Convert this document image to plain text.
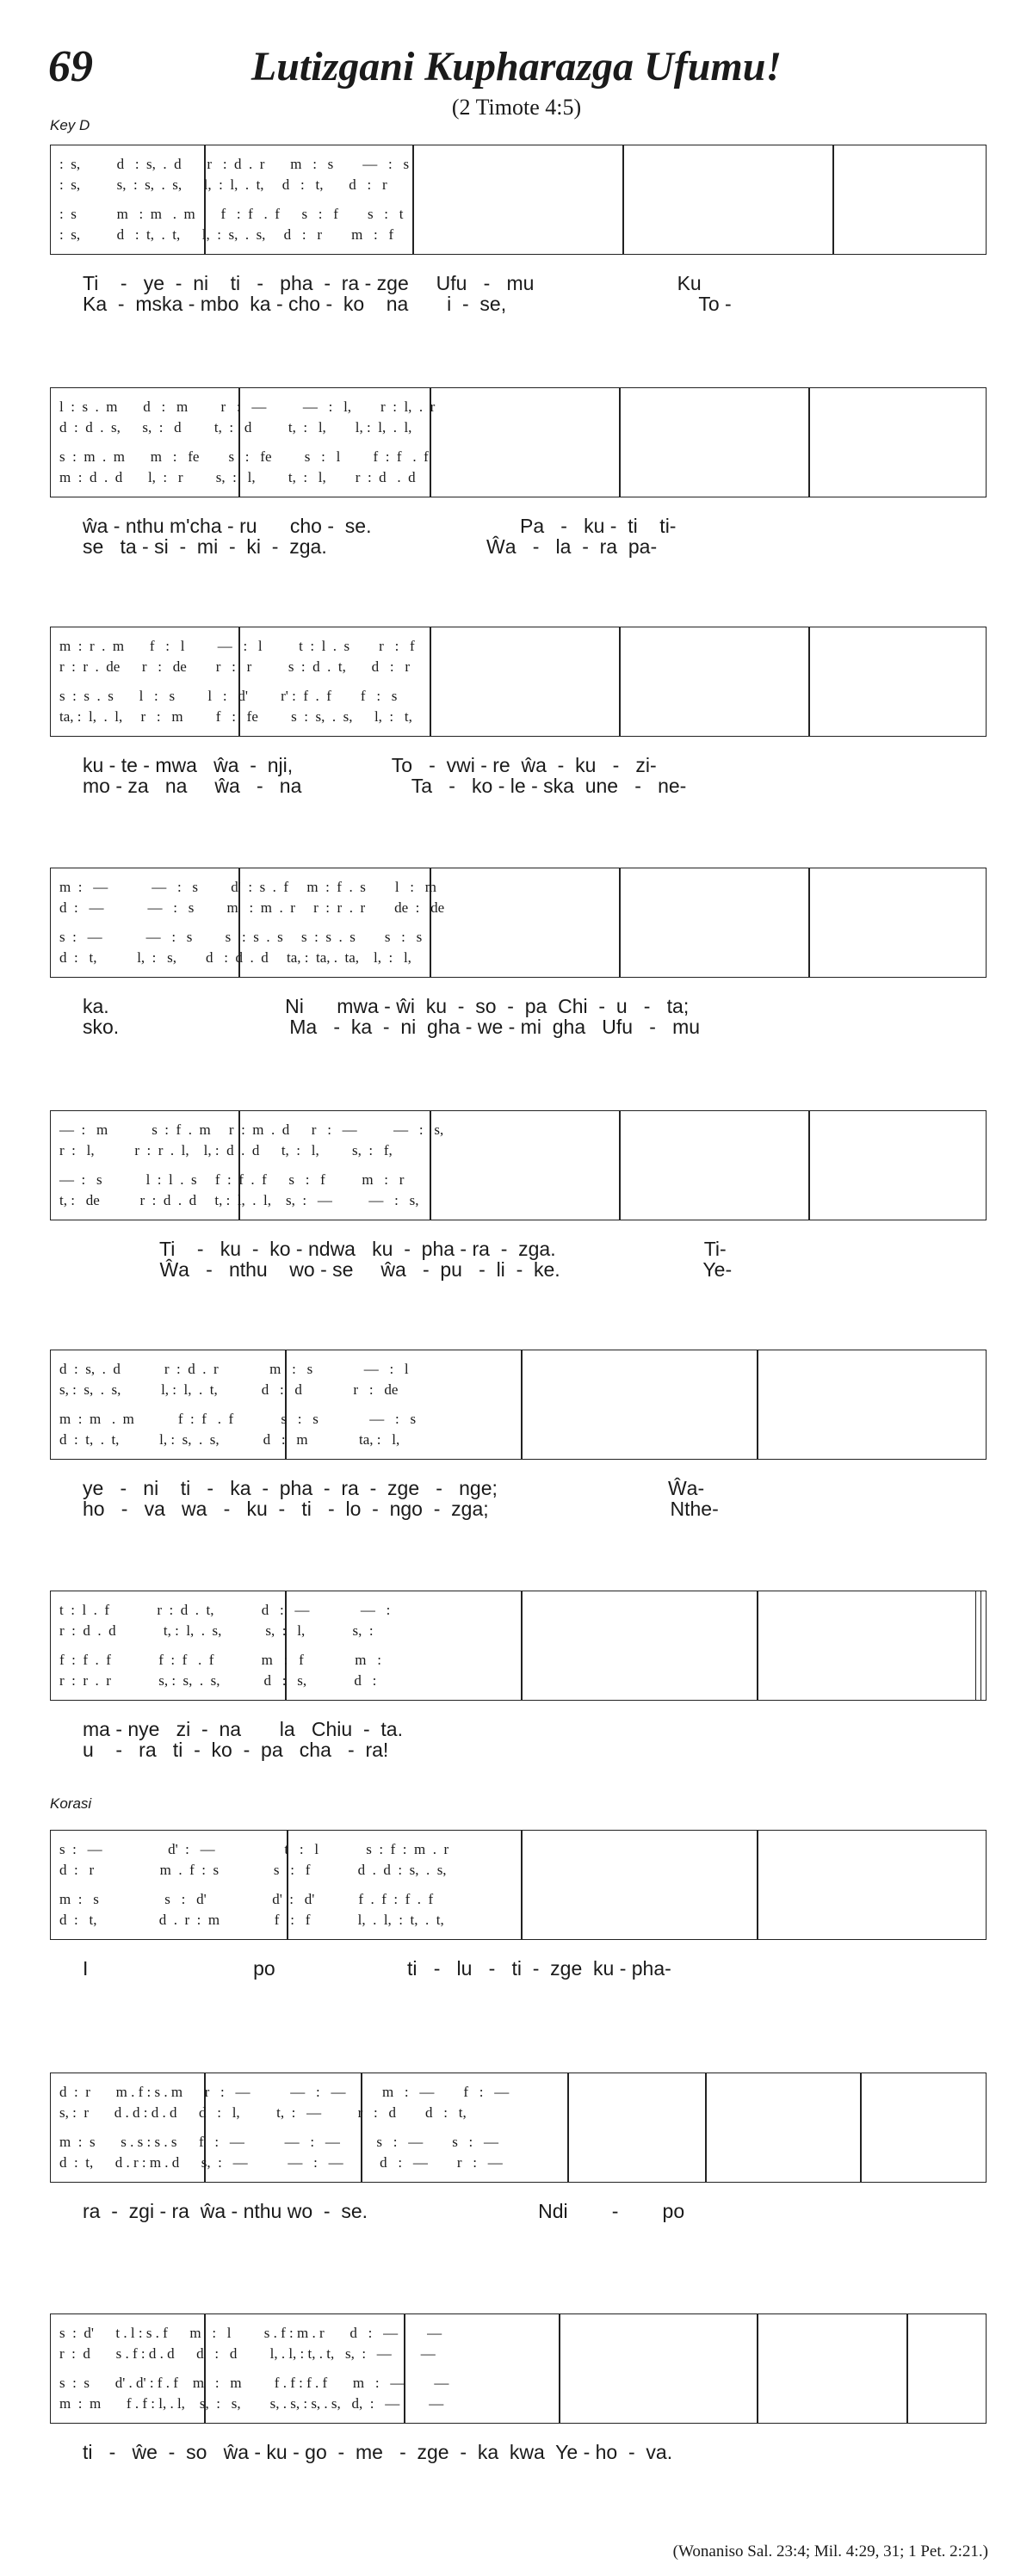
69	Lutizgani Kupharazga Ufumu!
(2 Timote 4:5)
Key D
:  s,          d   :  s,  .  d       r   :  d  .  r       m   :   s        —   :   s
:  s,          s,  :  s,  .  s,      l,  :  l,  .  t,     d   :   t,       d   :   r
:  s           m   :  m   .  m       f   :  f   .  f      s   :   f        s   :   t
:  s,          d   :  t,  .  t,      l,  :  s,  .  s,     d   :   r        m   :   f
Ti    -   ye  -  ni    ti   -   pha  -  ra - zge     Ufu   -   mu                          Ku
Ka  -  mska - mbo  ka - cho -  ko    na       i  -  se,                                   To -
l  :  s  .  m       d   :   m         r   :   —          —   :   l,        r  :  l,  .  r
d  :  d  .  s,      s,  :   d         t,  :   d          t,  :   l,        l, :  l,  .  l,
s  :  m  .  m       m   :   fe        s   :   fe         s   :   l         f  :  f   .  f
m  :  d  .  d       l,  :   r         s,  :   l,         t,  :   l,        r  :  d   .  d
ŵa - nthu m'cha - ru      cho -  se.                           Pa   -   ku -  ti    ti-
se   ta - si  -  mi  -  ki  -  zga.                             Ŵa   -   la  -  ra  pa-
m  :  r  .  m       f   :   l         —   :   l          t  :  l  .  s        r   :   f
r  :  r  .  de      r   :   de        r   :   r          s  :  d  .  t,       d   :   r
s  :  s  .  s       l   :   s         l   :   d'         r' :  f  .  f        f   :   s
ta, :  l,  .  l,     r   :   m         f   :   fe         s  :  s,  .  s,      l,  :   t,
ku - te - mwa   ŵa  -  nji,                  To   -  vwi - re  ŵa  -  ku   -   zi-
mo - za   na     ŵa   -   na                    Ta   -   ko - le - ska  une   -   ne-
m  :   —            —   :   s         d'  :  s  .  f     m  :  f  .  s        l   :   m
d  :   —            —   :   s         m   :  m  .  r     r  :  r  .  r        de  :   de
s  :   —            —   :   s         s   :  s  .  s     s  :  s  .  s        s   :   s
d  :   t,           l,  :   s,        d   :  d  .  d     ta, :  ta, .  ta,    l,  :   l,
ka.                                Ni      mwa - ŵi  ku  -  so  -  pa  Chi  -  u   -   ta;
sko.                               Ma   -  ka  -  ni  gha - we - mi  gha   Ufu   -   mu
—  :   m            s  :  f  .  m     r  :  m  .  d      r   :   —          —   :   s,
r  :   l,           r  :  r  .  l,    l, :  d  .  d      t,  :   l,         s,  :   f,
—  :   s            l  :  l  .  s     f  :  f  .  f      s   :   f          m   :   r
t, :   de           r  :  d  .  d     t, :  l,  .  l,    s,  :   —          —   :   s,
Ti    -   ku  -  ko - ndwa   ku  -  pha - ra  -  zga.                           Ti-
Ŵa   -   nthu    wo - se     ŵa   -  pu   -  li  -  ke.                          Ye-
d  :  s,  .  d            r  :  d  .  r              m   :   s              —   :   l
s, :  s,  .  s,           l, :  l,  .  t,            d   :   d              r   :   de
m  :  m   .  m            f  :  f   .  f             s   :   s              —   :   s
d  :  t,  .  t,           l, :  s,  .  s,            d   :   m              ta, :   l,
ye   -   ni    ti   -   ka  -  pha  -  ra  -  zge   -   nge;                               Ŵa-
ho   -   va   wa   -   ku  -   ti   -  lo  -  ngo  -  zga;                                 Nthe-
t  :  l  .  f             r  :  d  .  t,             d   :   —              —   :
r  :  d  .  d             t, :  l,  .  s,            s,  :   l,             s,  :
f  :  f  .  f             f  :  f   .  f             m   :   f              m   :
r  :  r  .  r             s, :  s,  .  s,            d   :   s,             d   :
ma - nye   zi  -  na       la   Chiu  -  ta.
u    -   ra   ti  -  ko  -  pa   cha   -  ra!
s  :   —                  d'  :   —                   t   :   l             s  :  f  :  m  .  r
d  :   r                  m  .  f  :  s               s   :   f             d  .  d  :  s,  .  s,
m  :   s                  s   :   d'                  d'  :   d'            f  .  f  :  f  .  f
d  :   t,                 d  .  r  :  m               f   :   f             l,  .  l,  :  t,  .  t,
I                              po                        ti   -   lu   -   ti  -  zge  ku - pha-
d  :  r       m . f : s . m      r   :   —           —   :   —          m   :   —        f   :   —
s, :  r       d . d : d . d      d   :   l,          t,  :   —          r   :   d        d   :   t,
m  :  s       s . s : s . s      f   :   —           —   :   —          s   :   —        s   :   —
d  :  t,      d . r : m . d      s,  :   —           —   :   —          d   :   —        r   :   —
ra  -  zgi - ra  ŵa - nthu wo  -  se.                               Ndi        -        po
s  :  d'      t . l : s . f      m   :   l         s . f : m . r       d   :   —        —
r  :  d       s . f : d . d      d   :   d         l, . l, : t, . t,   s,  :   —        —
s  :  s       d' . d' : f . f    m   :   m         f . f : f . f       m   :   —        —
m  :  m       f . f : l, . l,    s,  :   s,        s, . s, : s, . s,   d,  :   —        —
ti   -   ŵe  -  so   ŵa - ku - go  -  me   -  zge  -  ka  kwa  Ye - ho  -  va.
Korasi
(Wonaniso Sal. 23:4; Mil. 4:29, 31; 1 Pet. 2:21.)
